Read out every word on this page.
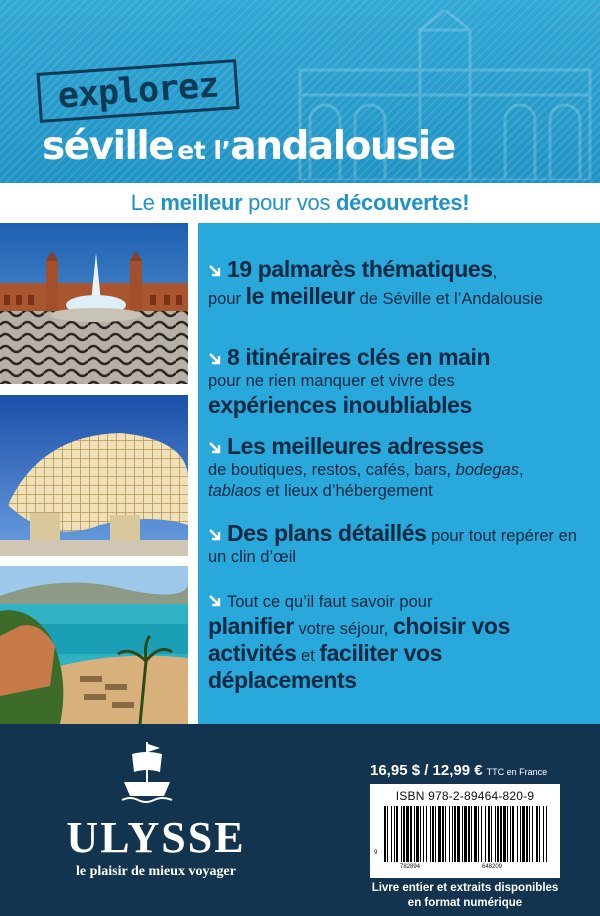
explorez
séville et l’andalousie
Le meilleur pour vos découvertes!
19 palmarès thématiques,
pour le meilleur de Séville et l’Andalousie
8 itinéraires clés en main
pour ne rien manquer et vivre des
expériences inoubliables
Les meilleures adresses
de boutiques, restos, cafés, bars, bodegas,
tablaos et lieux d’hébergement
Des plans détaillés pour tout repérer en un clin d’œil
Tout ce qu’il faut savoir pour
planifier votre séjour, choisir vos activités et faciliter vos déplacements
ULYSSE
le plaisir de mieux voyager
16,95 $ / 12,99 € TTC en France
ISBN 978-2-89464-820-9
9
782894	648209
Livre entier et extraits disponibles
en format numérique
